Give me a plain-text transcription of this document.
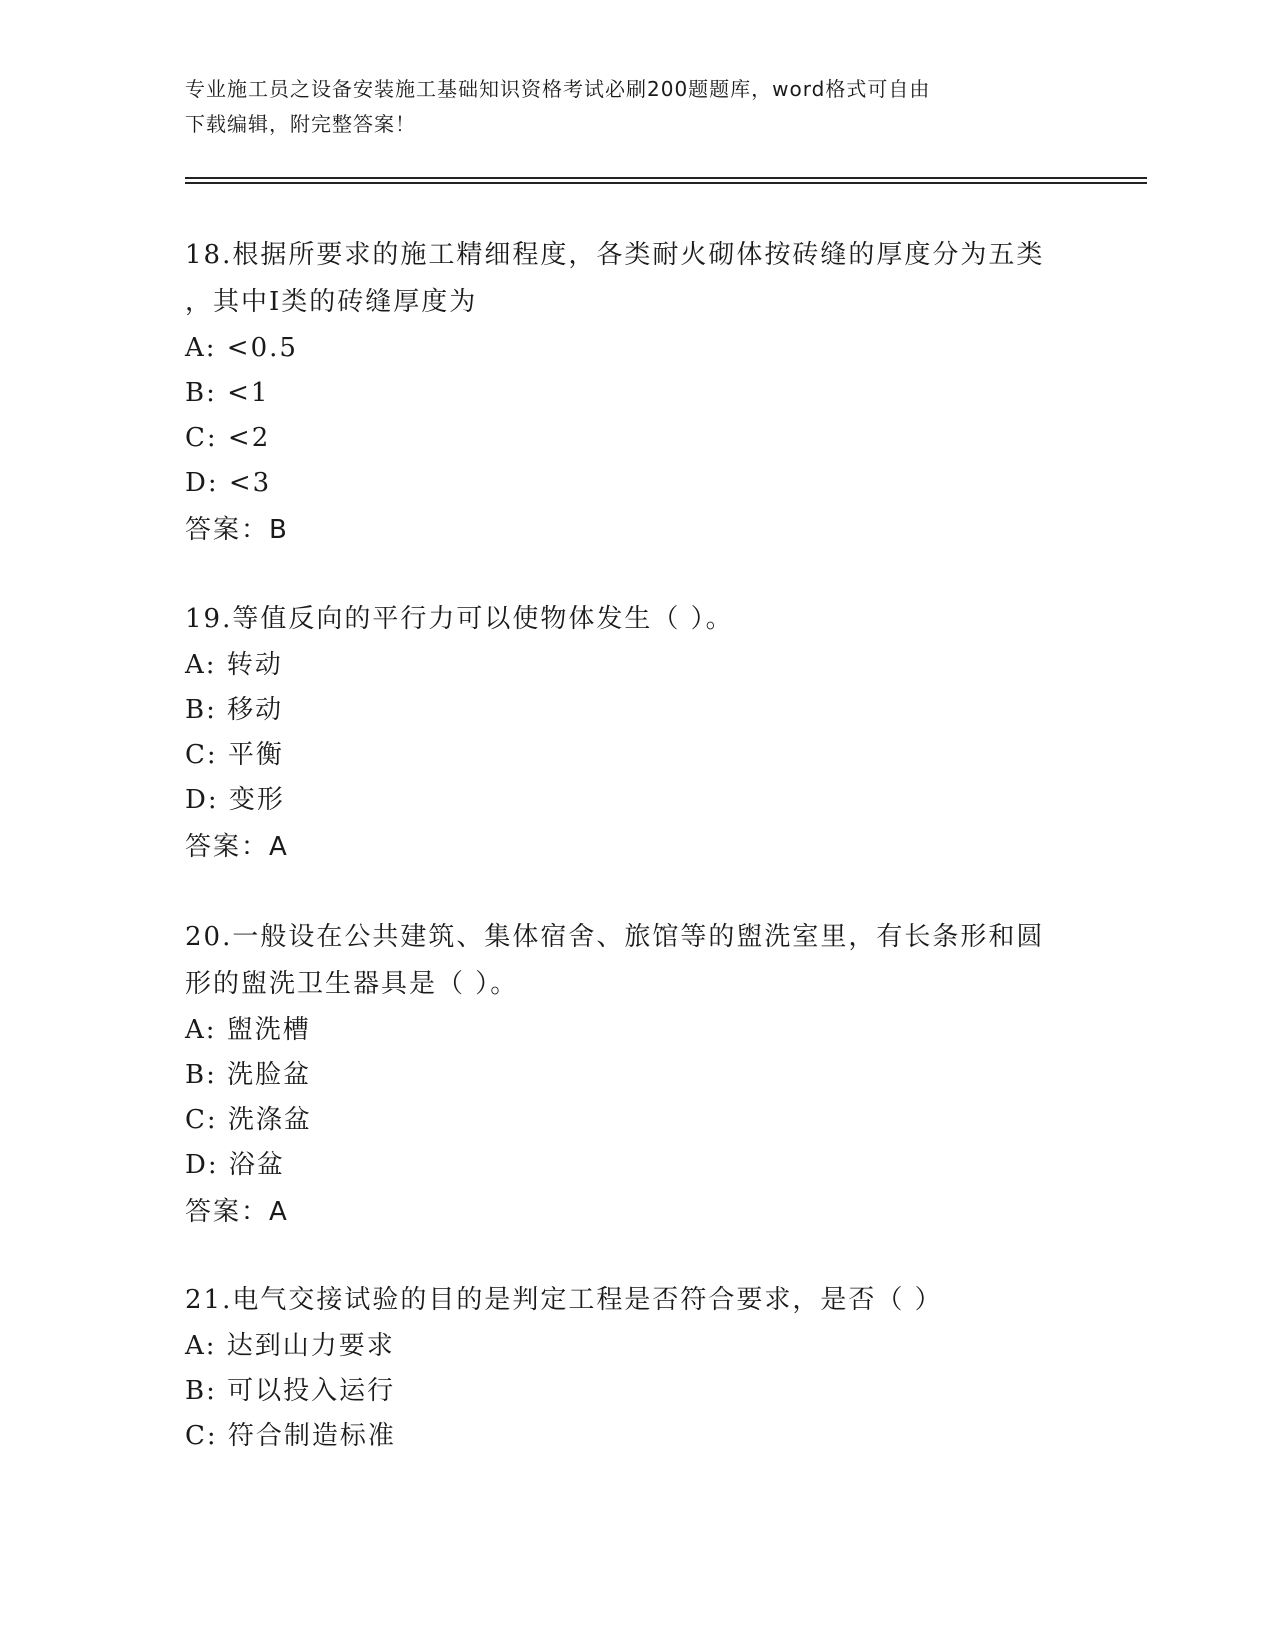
专业施工员之设备安装施工基础知识资格考试必刷200题题库，word格式可自由
下载编辑，附完整答案！
18.根据所要求的施工精细程度，各类耐火砌体按砖缝的厚度分为五类
，其中Ⅰ类的砖缝厚度为
A: <0.5
B: <1
C: <2
D: <3
答案：B
19.等值反向的平行力可以使物体发生（ ）。
A: 转动
B: 移动
C: 平衡
D: 变形
答案：A
20.一般设在公共建筑、集体宿舍、旅馆等的盥洗室里，有长条形和圆
形的盥洗卫生器具是（ ）。
A: 盥洗槽
B: 洗脸盆
C: 洗涤盆
D: 浴盆
答案：A
21.电气交接试验的目的是判定工程是否符合要求，是否（ ）
A: 达到山力要求
B: 可以投入运行
C: 符合制造标准
